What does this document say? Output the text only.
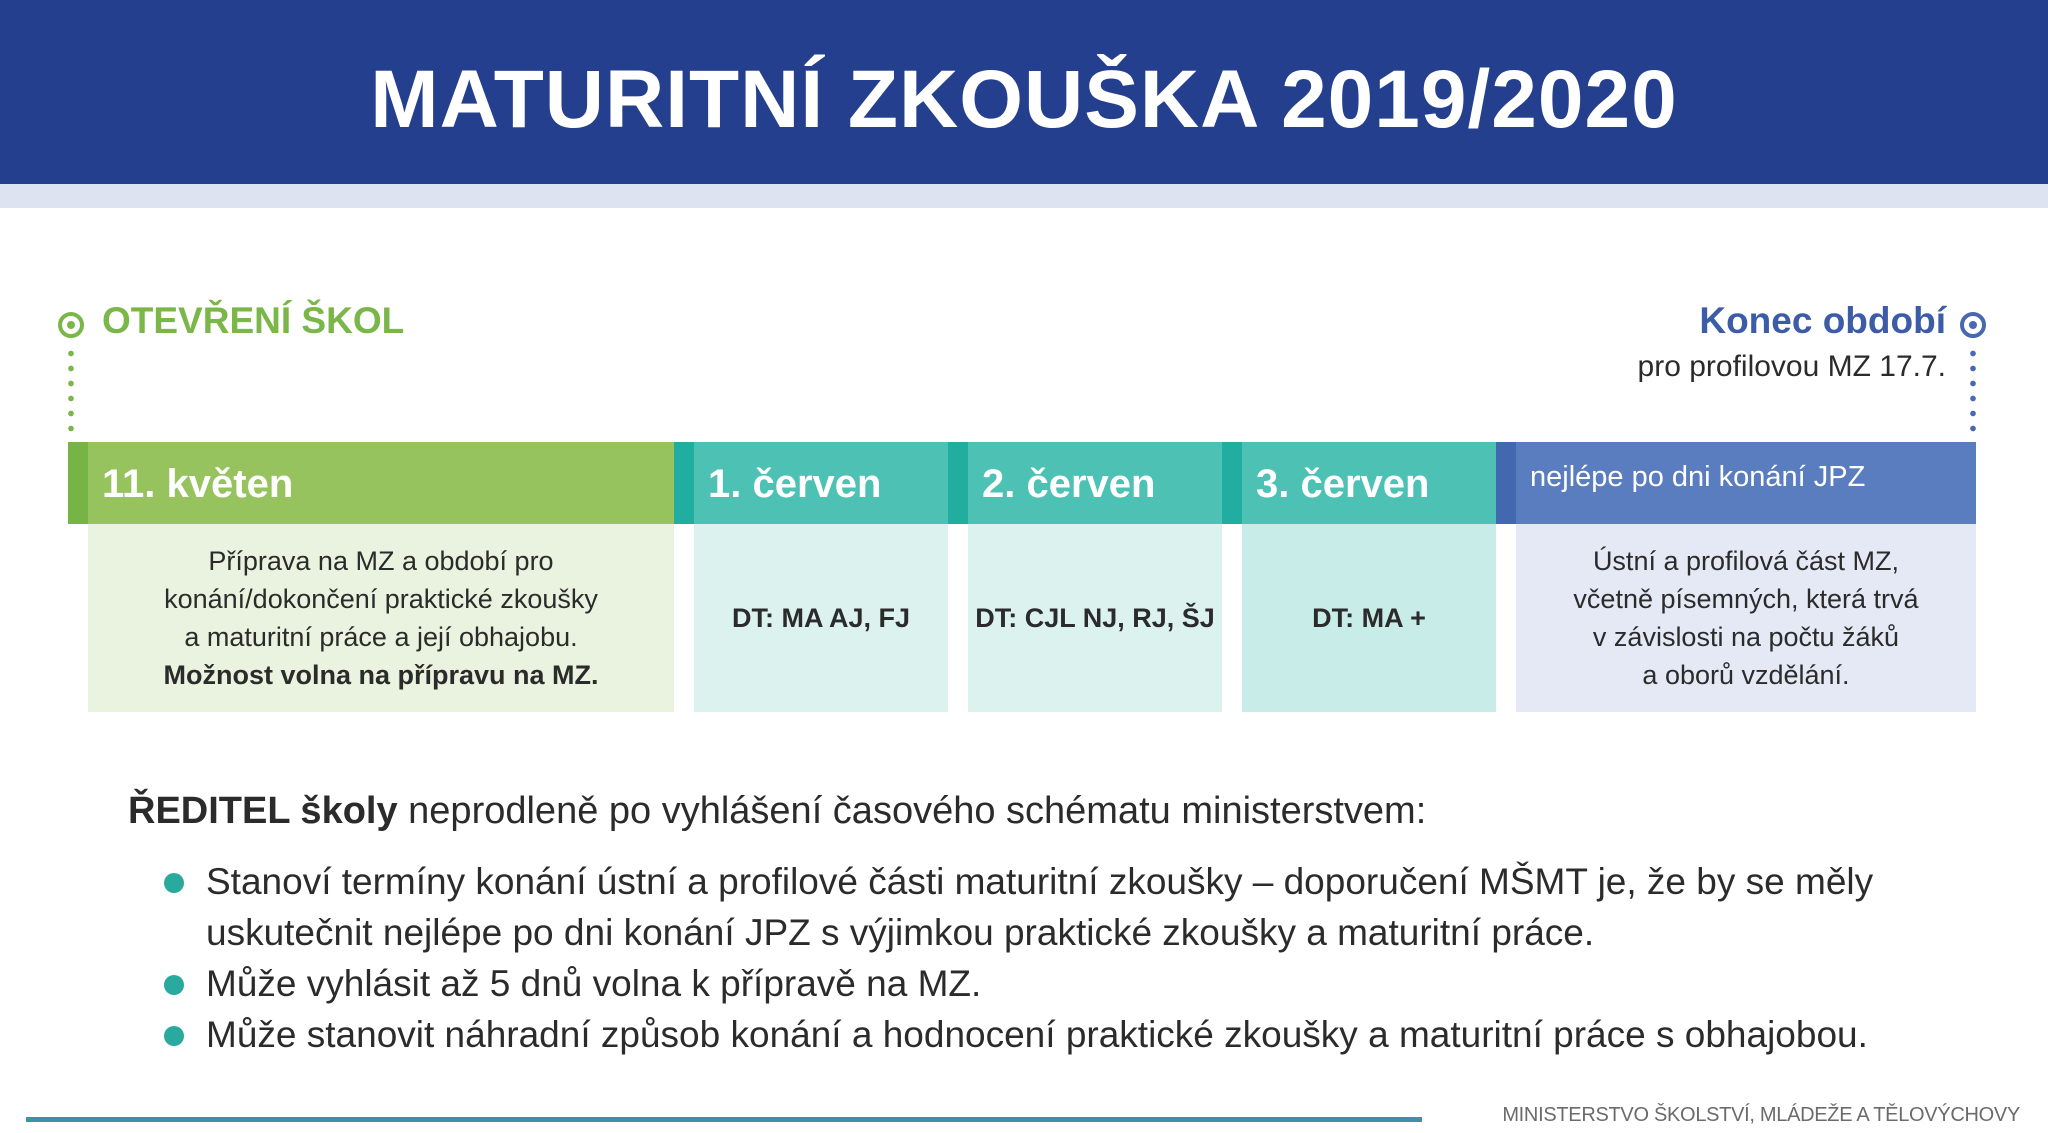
MATURITNÍ ZKOUŠKA 2019/2020
OTEVŘENÍ ŠKOL	Konec období
pro profilovou MZ 17.7.
11. květen
Příprava na MZ a období pro
konání/dokončení praktické zkoušky
a maturitní práce a její obhajobu.
Možnost volna na přípravu na MZ.
1. červen
DT: MA AJ, FJ
2. červen
DT: CJL NJ, RJ, ŠJ
3. červen
DT: MA +
nejlépe po dni konání JPZ
Ústní a profilová část MZ,
včetně písemných, která trvá
v závislosti na počtu žáků
a oborů vzdělání.
ŘEDITEL školy neprodleně po vyhlášení časového schématu ministerstvem:
Stanoví termíny konání ústní a profilové části maturitní zkoušky – doporučení MŠMT je, že by se měly
uskutečnit nejlépe po dni konání JPZ s výjimkou praktické zkoušky a maturitní práce.
Může vyhlásit až 5 dnů volna k přípravě na MZ.
Může stanovit náhradní způsob konání a hodnocení praktické zkoušky a maturitní práce s obhajobou.
MINISTERSTVO ŠKOLSTVÍ, MLÁDEŽE A TĚLOVÝCHOVY
